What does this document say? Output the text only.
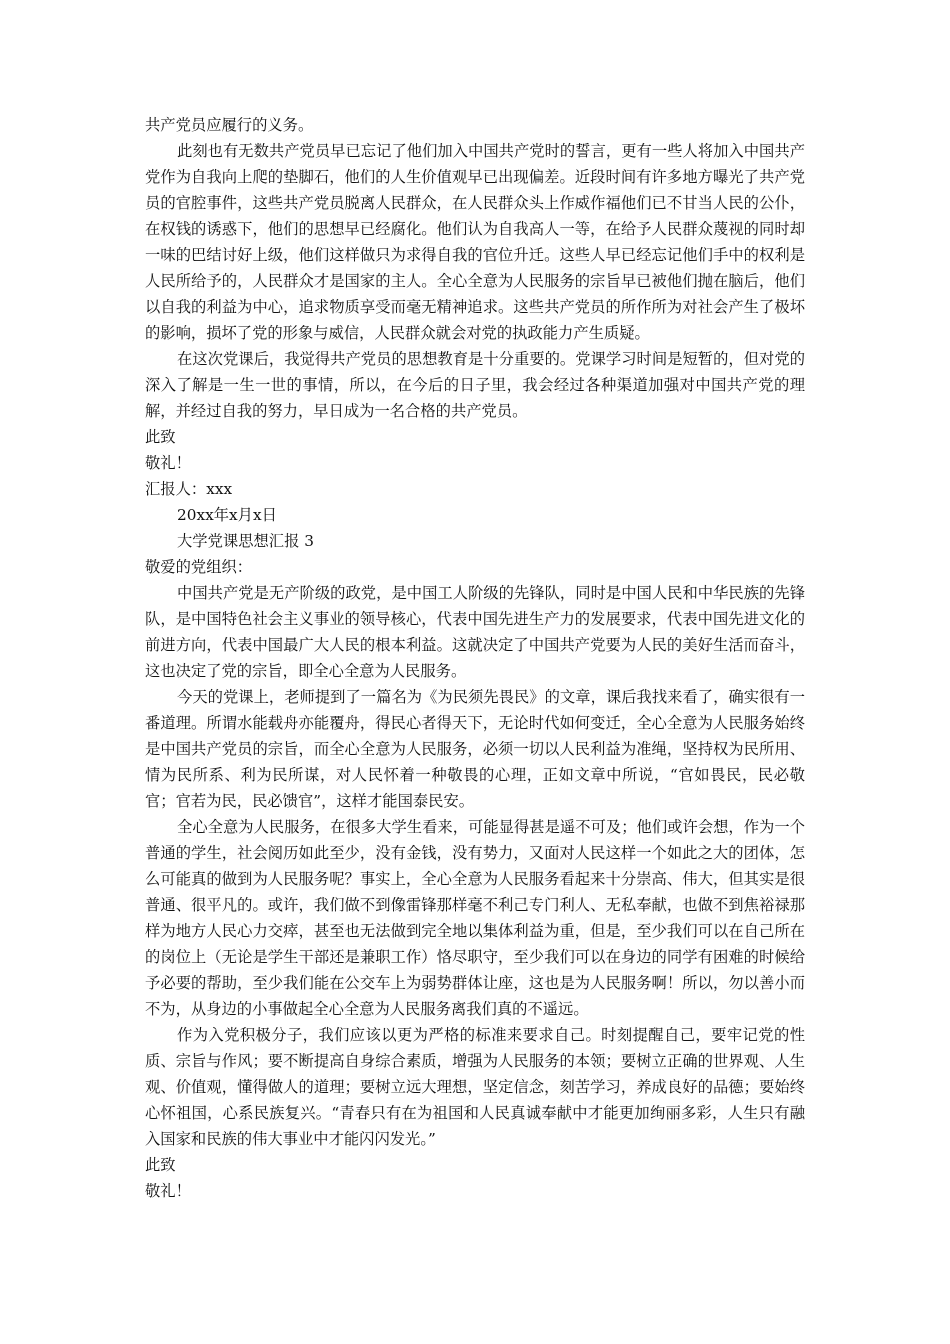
共产党员应履行的义务。

此刻也有无数共产党员早已忘记了他们加入中国共产党时的誓言，更有一些人将加入中国共产党作为自我向上爬的垫脚石，他们的人生价值观早已出现偏差。近段时间有许多地方曝光了共产党员的官腔事件，这些共产党员脱离人民群众，在人民群众头上作威作福他们已不甘当人民的公仆，在权钱的诱惑下，他们的思想早已经腐化。他们认为自我高人一等，在给予人民群众蔑视的同时却一味的巴结讨好上级，他们这样做只为求得自我的官位升迁。这些人早已经忘记他们手中的权利是人民所给予的，人民群众才是国家的主人。全心全意为人民服务的宗旨早已被他们抛在脑后，他们以自我的利益为中心，追求物质享受而毫无精神追求。这些共产党员的所作所为对社会产生了极坏的影响，损坏了党的形象与威信，人民群众就会对党的执政能力产生质疑。

在这次党课后，我觉得共产党员的思想教育是十分重要的。党课学习时间是短暂的，但对党的深入了解是一生一世的事情，所以，在今后的日子里，我会经过各种渠道加强对中国共产党的理解，并经过自我的努力，早日成为一名合格的共产党员。

此致

敬礼！

汇报人：xxx

20xx年x月x日

大学党课思想汇报 3

敬爱的党组织：

中国共产党是无产阶级的政党，是中国工人阶级的先锋队，同时是中国人民和中华民族的先锋队，是中国特色社会主义事业的领导核心，代表中国先进生产力的发展要求，代表中国先进文化的前进方向，代表中国最广大人民的根本利益。这就决定了中国共产党要为人民的美好生活而奋斗，这也决定了党的宗旨，即全心全意为人民服务。

今天的党课上，老师提到了一篇名为《为民须先畏民》的文章，课后我找来看了，确实很有一番道理。所谓水能载舟亦能覆舟，得民心者得天下，无论时代如何变迁，全心全意为人民服务始终是中国共产党员的宗旨，而全心全意为人民服务，必须一切以人民利益为准绳，坚持权为民所用、情为民所系、利为民所谋，对人民怀着一种敬畏的心理，正如文章中所说，“官如畏民，民必敬官；官若为民，民必馈官”，这样才能国泰民安。

全心全意为人民服务，在很多大学生看来，可能显得甚是遥不可及；他们或许会想，作为一个普通的学生，社会阅历如此至少，没有金钱，没有势力，又面对人民这样一个如此之大的团体，怎么可能真的做到为人民服务呢？事实上，全心全意为人民服务看起来十分崇高、伟大，但其实是很普通、很平凡的。或许，我们做不到像雷锋那样毫不利己专门利人、无私奉献，也做不到焦裕禄那样为地方人民心力交瘁，甚至也无法做到完全地以集体利益为重，但是，至少我们可以在自己所在的岗位上（无论是学生干部还是兼职工作）恪尽职守，至少我们可以在身边的同学有困难的时候给予必要的帮助，至少我们能在公交车上为弱势群体让座，这也是为人民服务啊！所以，勿以善小而不为，从身边的小事做起全心全意为人民服务离我们真的不遥远。

作为入党积极分子，我们应该以更为严格的标准来要求自己。时刻提醒自己，要牢记党的性质、宗旨与作风；要不断提高自身综合素质，增强为人民服务的本领；要树立正确的世界观、人生观、价值观，懂得做人的道理；要树立远大理想，坚定信念，刻苦学习，养成良好的品德；要始终心怀祖国，心系民族复兴。“青春只有在为祖国和人民真诚奉献中才能更加绚丽多彩，人生只有融入国家和民族的伟大事业中才能闪闪发光。”

此致

敬礼！
